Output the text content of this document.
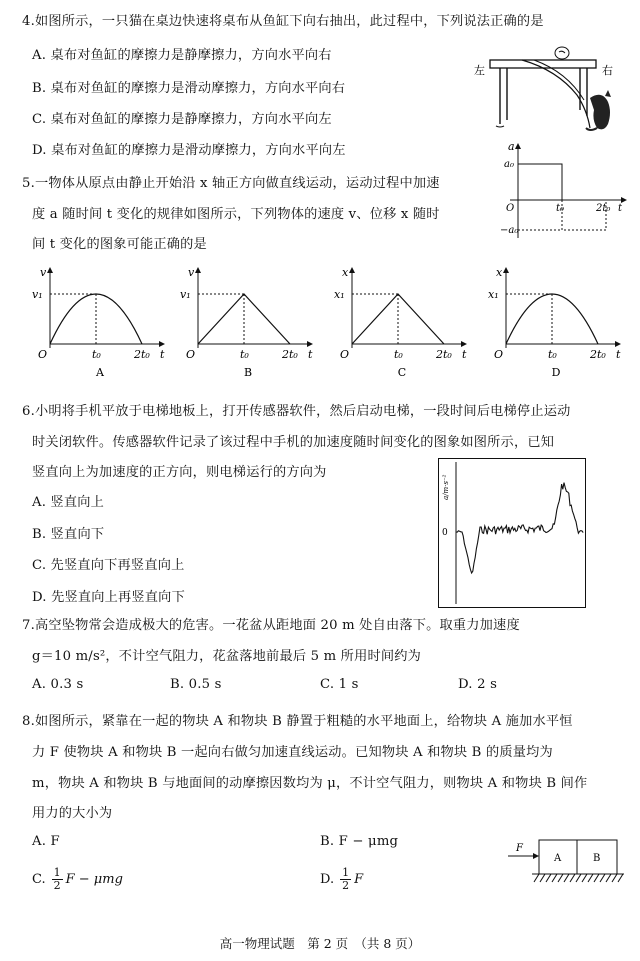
4.如图所示，一只猫在桌边快速将桌布从鱼缸下向右抽出，此过程中，下列说法正确的是
A. 桌布对鱼缸的摩擦力是静摩擦力，方向水平向右
B. 桌布对鱼缸的摩擦力是滑动摩擦力，方向水平向右
C. 桌布对鱼缸的摩擦力是静摩擦力，方向水平向左
D. 桌布对鱼缸的摩擦力是滑动摩擦力，方向水平向左
左	右
5.一物体从原点由静止开始沿 x 轴正方向做直线运动，运动过程中加速
度 a 随时间 t 变化的规律如图所示，下列物体的速度 v、位移 x 随时
间 t 变化的图象可能正确的是
a
a₀
−a₀
O	t₀	2t₀ t
v
v₁
O	t₀	2t₀ t
A
v
v₁
O	t₀	2t₀ t
B
x
x₁
O	t₀	2t₀ t
C
x
x₁
O	t₀	2t₀ t
D
6.小明将手机平放于电梯地板上，打开传感器软件，然后启动电梯，一段时间后电梯停止运动
时关闭软件。传感器软件记录了该过程中手机的加速度随时间变化的图象如图所示，已知
竖直向上为加速度的正方向，则电梯运行的方向为
A. 竖直向上
B. 竖直向下
C. 先竖直向下再竖直向上
D. 先竖直向上再竖直向下
a/m·s⁻²
0
7.高空坠物常会造成极大的危害。一花盆从距地面 20 m 处自由落下。取重力加速度
g＝10 m/s²，不计空气阻力，花盆落地前最后 5 m 所用时间约为
A. 0.3 s	B. 0.5 s	C. 1 s	D. 2 s
8.如图所示，紧靠在一起的物块 A 和物块 B 静置于粗糙的水平地面上，给物块 A 施加水平恒
力 F 使物块 A 和物块 B 一起向右做匀加速直线运动。已知物块 A 和物块 B 的质量均为
m，物块 A 和物块 B 与地面间的动摩擦因数均为 μ，不计空气阻力，则物块 A 和物块 B 间作
用力的大小为
A. F	B. F − μmg
C. $\frac{1}{2}$ F − μmg	D. $\frac{1}{2}$ F
F
A	B
高一物理试题　第 2 页　（共 8 页）
